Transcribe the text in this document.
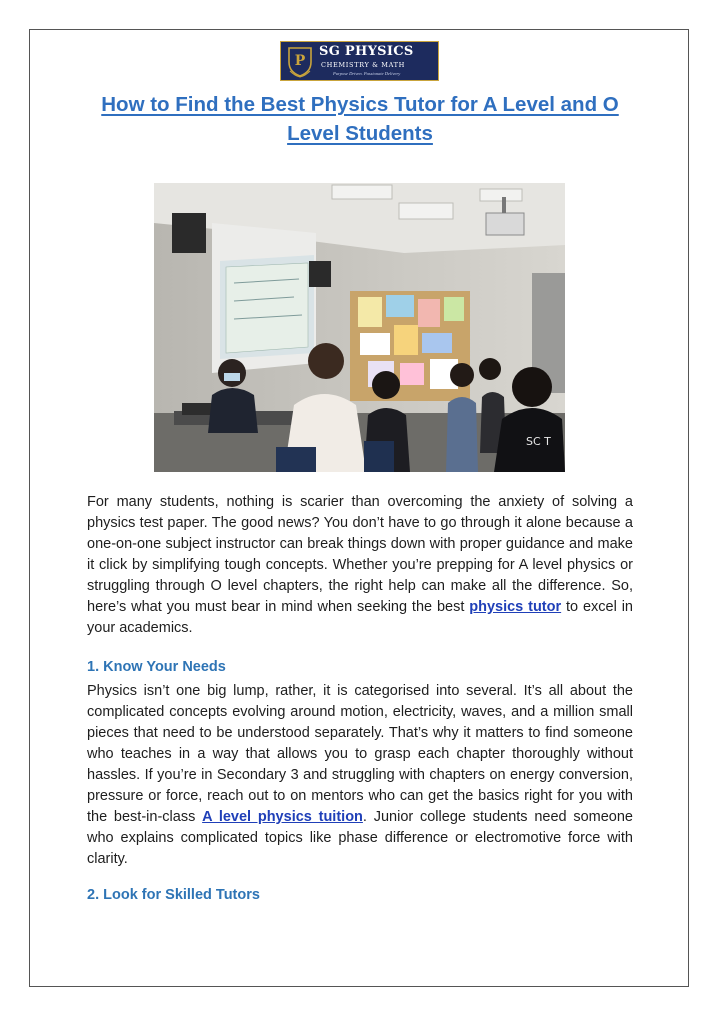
P
SG PHYSICS
CHEMISTRY & MATH
Purpose Driven. Passionate Delivery
How to Find the Best Physics Tutor for A Level and O Level Students
SC T

For many students, nothing is scarier than overcoming the anxiety of solving a physics test paper. The good news? You don’t have to go through it alone because a one-on-one subject instructor can break things down with proper guidance and make it click by simplifying tough concepts. Whether you’re prepping for A level physics or struggling through O level chapters, the right help can make all the difference. So, here’s what you must bear in mind when seeking the best physics tutor to excel in your academics.

1. Know Your Needs

Physics isn’t one big lump, rather, it is categorised into several. It’s all about the complicated concepts evolving around motion, electricity, waves, and a million small pieces that need to be understood separately. That’s why it matters to find someone who teaches in a way that allows you to grasp each chapter thoroughly without hassles. If you’re in Secondary 3 and struggling with chapters on energy conversion, pressure or force, reach out to on mentors who can get the basics right for you with the best-in-class A level physics tuition. Junior college students need someone who explains complicated topics like phase difference or electromotive force with clarity.

2. Look for Skilled Tutors
